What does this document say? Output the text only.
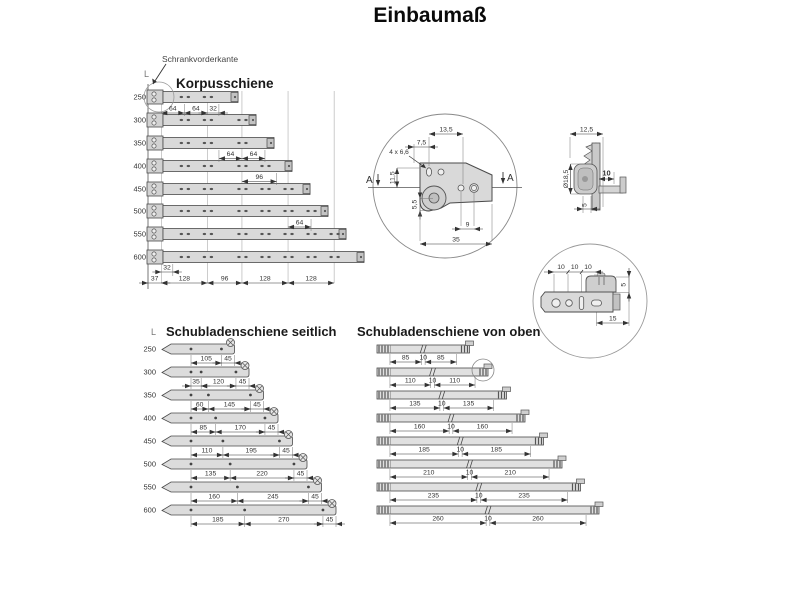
250
300
350
400
450
500
550
600
64 64 32
64 64
96
64
32
37	128	96	128	128
13,5
7,5
4 x 6,6
11,5
5,5
9
35
12,5
Ø18,5	10
5
10 10 10
5
15
250
105 45
300
35 120 45
350
60	145	45
400
85	170	45
450
110	195	45
500
135	220	45
550
160	245	45
600
185	270	45
85	85
10
110	110
10
135	135
10
160	160
10
185	185
10
210	210
10
235	235
10
260	260
10
Einbaumaß
Schrankvorderkante
L
Korpusschiene
L Schubladenschiene seitlich Schubladenschiene von oben
A	A
